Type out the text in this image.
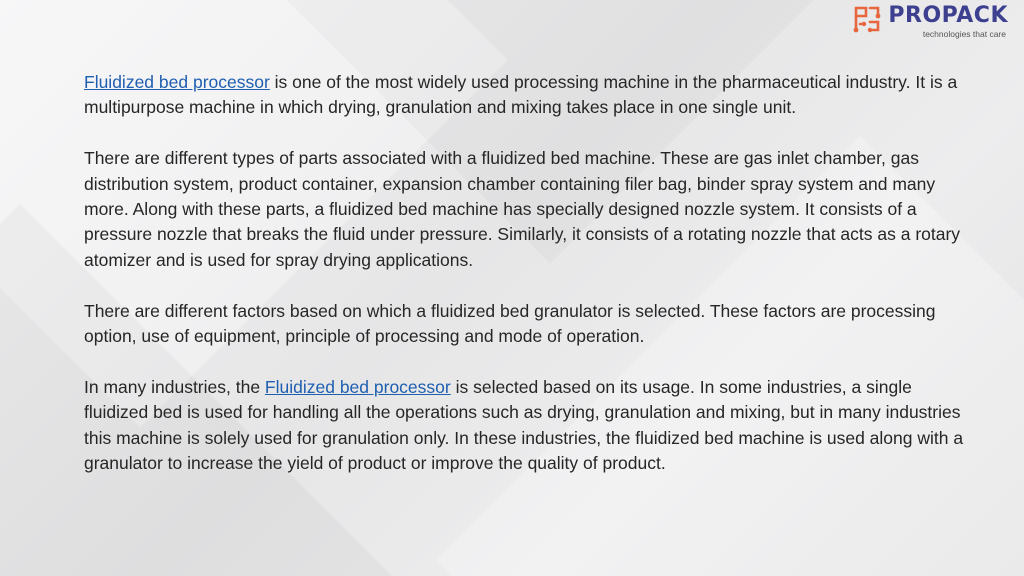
PROPACK
technologies that care

Fluidized bed processor is one of the most widely used processing machine in the pharmaceutical industry. It is a multipurpose machine in which drying, granulation and mixing takes place in one single unit.

There are different types of parts associated with a fluidized bed machine. These are gas inlet chamber, gas distribution system, product container, expansion chamber containing filer bag, binder spray system and many more. Along with these parts, a fluidized bed machine has specially designed nozzle system. It consists of a pressure nozzle that breaks the fluid under pressure. Similarly, it consists of a rotating nozzle that acts as a rotary atomizer and is used for spray drying applications.

There are different factors based on which a fluidized bed granulator is selected. These factors are processing option, use of equipment, principle of processing and mode of operation.

In many industries, the Fluidized bed processor is selected based on its usage. In some industries, a single fluidized bed is used for handling all the operations such as drying, granulation and mixing, but in many industries this machine is solely used for granulation only. In these industries, the fluidized bed machine is used along with a granulator to increase the yield of product or improve the quality of product.
